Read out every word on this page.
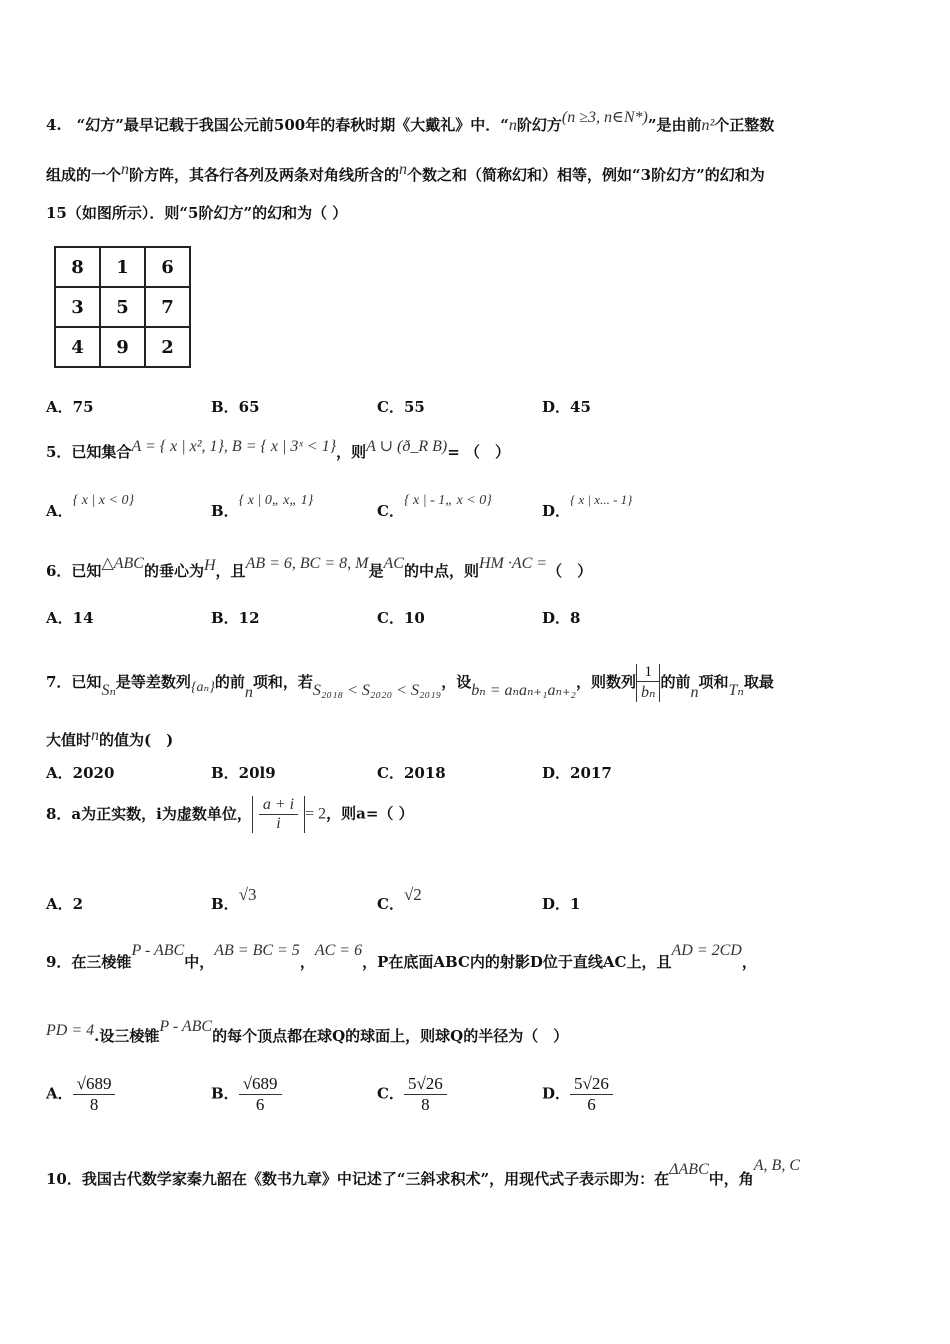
4.　“幻方”最早记载于我国公元前500年的春秋时期《大戴礼》中．“n阶幻方(n ≥3, n∈N*)”是由前n²个正整数
组成的一个n阶方阵，其各行各列及两条对角线所含的n个数之和（简称幻和）相等，例如“3阶幻方”的幻和为
15（如图所示）．则“5阶幻方”的幻和为（ ）
8	1	6
3	5	7
4	9	2
A．75	B．65	C．55	D．45
5．已知集合A = { x | x², 1}, B = { x | 3ˣ < 1}，则A ∪ (ð_R B)= （　）
A．{ x | x < 0}
B．{ x | 0„ x„ 1}
C．{ x | - 1„ x < 0}
D．{ x | x... - 1}
6．已知△ABC的垂心为H，且AB = 6, BC = 8, M是AC的中点，则HM ·AC =（　）
A．14	B．12	C．10	D．8
7．已知Sₙ是等差数列{aₙ}的前n项和，若S₂₀₁₈ < S₂₀₂₀ < S₂₀₁₉，设bₙ = aₙaₙ₊₁aₙ₊₂，则数列 $\frac{1}{\text{bₙ}}$ 的前n项和Tₙ取最
大值时n的值为(　)
A．2020	B．20l9	C．2018	D．2017
8．a为正实数，i为虚数单位， $\frac{a + i}{i} = 2$，则a=（ ）
A．2	B．√3	C．√2	D．1
9．在三棱锥P - ABC中，AB = BC = 5，AC = 6，P在底面ABC内的射影D位于直线AC上，且AD = 2CD，
PD = 4.设三棱锥P - ABC的每个顶点都在球Q的球面上，则球Q的半径为（　）
A． $\frac{√689}{8}$	B． $\frac{√689}{6}$	C． $\frac{5√26}{8}$	D． $\frac{5√26}{6}$
10．我国古代数学家秦九韶在《数书九章》中记述了“三斜求积术”，用现代式子表示即为：在ΔABC中，角A, B, C
